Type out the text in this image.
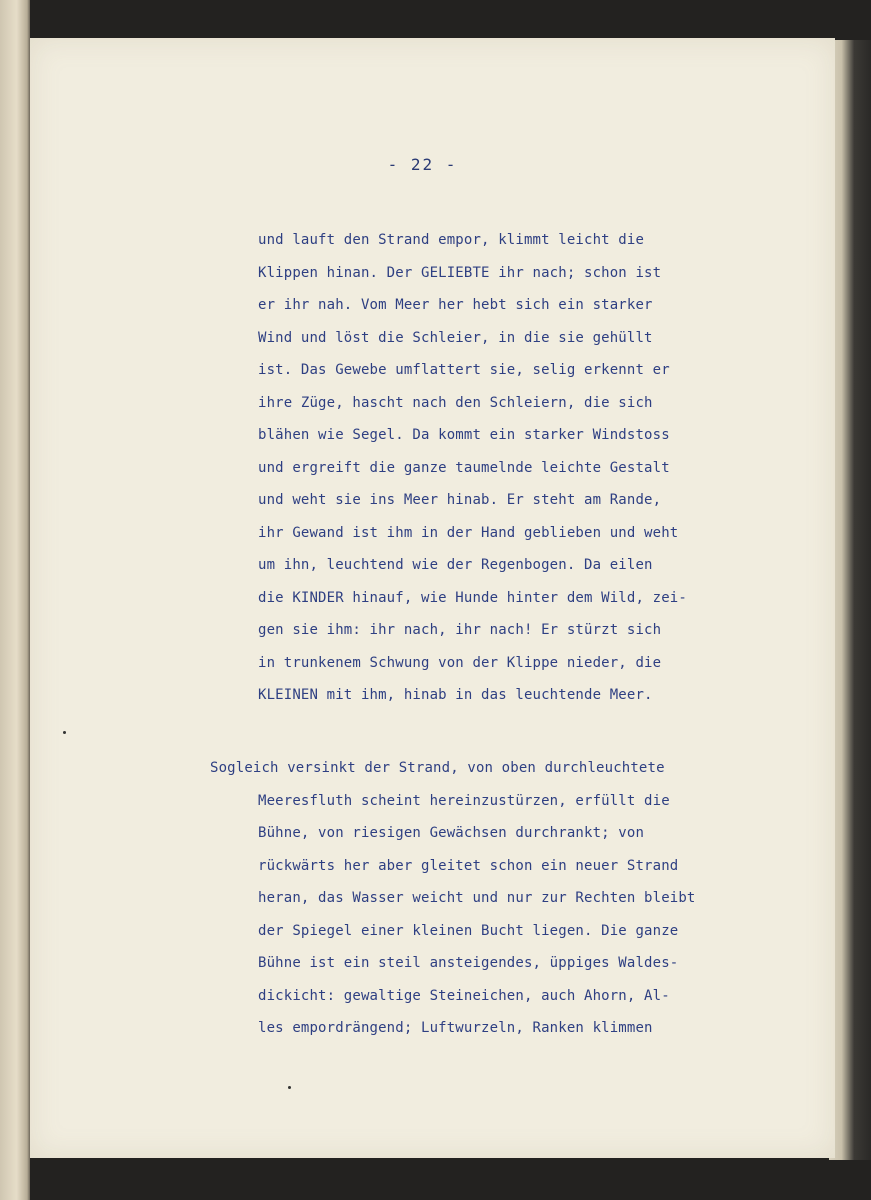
- 22 -
und lauft den Strand empor, klimmt leicht die
Klippen hinan. Der GELIEBTE ihr nach; schon ist
er ihr nah. Vom Meer her hebt sich ein starker
Wind und löst die Schleier, in die sie gehüllt
ist. Das Gewebe umflattert sie, selig erkennt er
ihre Züge, hascht nach den Schleiern, die sich
blähen wie Segel. Da kommt ein starker Windstoss
und ergreift die ganze taumelnde leichte Gestalt
und weht sie ins Meer hinab. Er steht am Rande,
ihr Gewand ist ihm in der Hand geblieben und weht
um ihn, leuchtend wie der Regenbogen. Da eilen
die KINDER hinauf, wie Hunde hinter dem Wild, zei-
gen sie ihm: ihr nach, ihr nach! Er stürzt sich
in trunkenem Schwung von der Klippe nieder, die
KLEINEN mit ihm, hinab in das leuchtende Meer.
Sogleich versinkt der Strand, von oben durchleuchtete
Meeresfluth scheint hereinzustürzen, erfüllt die
Bühne, von riesigen Gewächsen durchrankt; von
rückwärts her aber gleitet schon ein neuer Strand
heran, das Wasser weicht und nur zur Rechten bleibt
der Spiegel einer kleinen Bucht liegen. Die ganze
Bühne ist ein steil ansteigendes, üppiges Waldes-
dickicht: gewaltige Steineichen, auch Ahorn, Al-
les empordrängend; Luftwurzeln, Ranken klimmen
